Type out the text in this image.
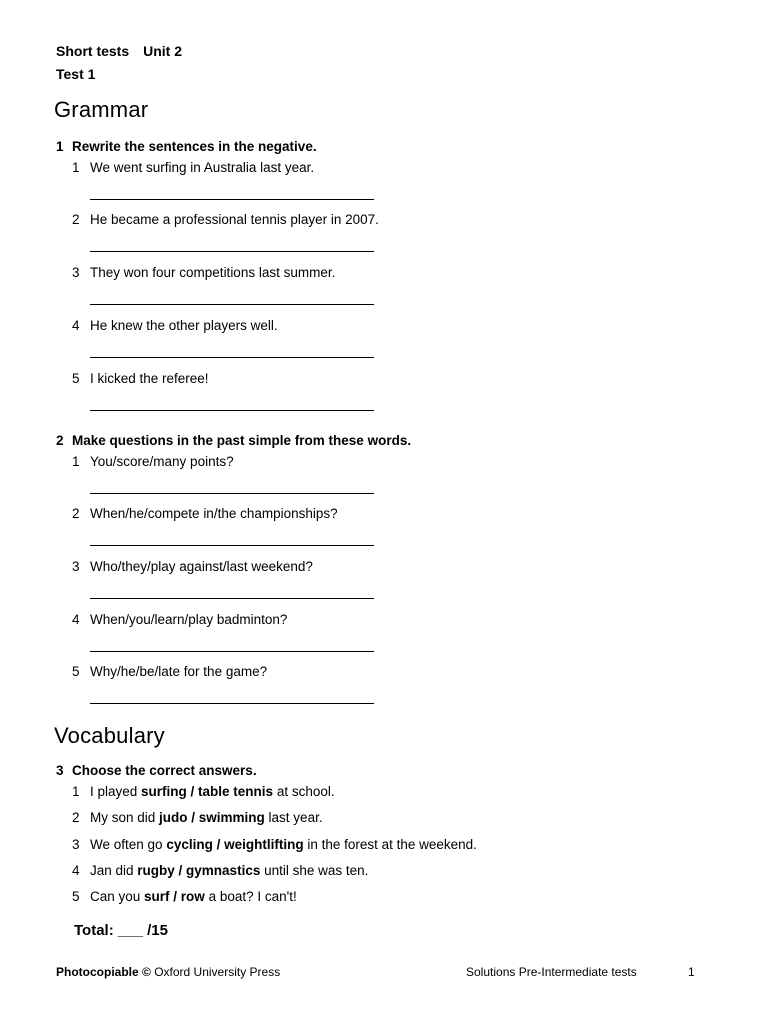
Short tests Unit 2
Test 1
Grammar
1 Rewrite the sentences in the negative.
1 We went surfing in Australia last year.
2 He became a professional tennis player in 2007.
3 They won four competitions last summer.
4 He knew the other players well.
5 I kicked the referee!
2 Make questions in the past simple from these words.
1 You/score/many points?
2 When/he/compete in/the championships?
3 Who/they/play against/last weekend?
4 When/you/learn/play badminton?
5 Why/he/be/late for the game?
Vocabulary
3 Choose the correct answers.
1 I played surfing / table tennis at school.
2 My son did judo / swimming last year.
3 We often go cycling / weightlifting in the forest at the weekend.
4 Jan did rugby / gymnastics until she was ten.
5 Can you surf / row a boat? I can't!
Total: ___ /15
Photocopiable © Oxford University Press	Solutions Pre-Intermediate tests	1
